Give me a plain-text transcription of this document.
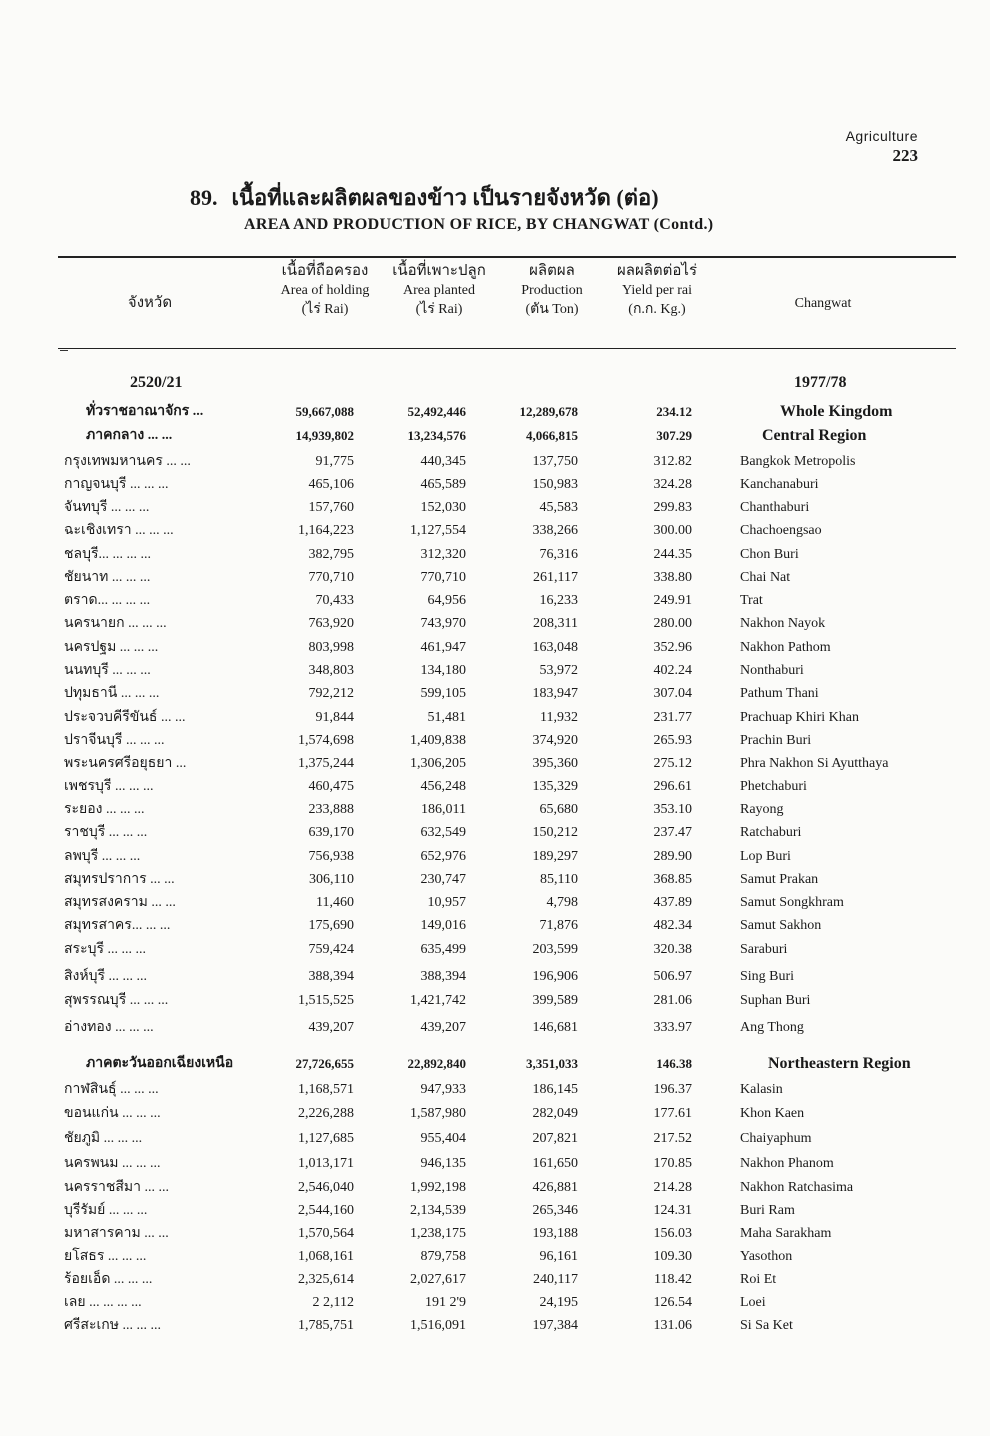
Agriculture
223
89. เนื้อที่และผลิตผลของข้าว เป็นรายจังหวัด (ต่อ)
AREA AND PRODUCTION OF RICE, BY CHANGWAT (Contd.)
จังหวัด
เนื้อที่ถือครอง
Area of holding
(ไร่ Rai)
เนื้อที่เพาะปลูก
Area planted
(ไร่ Rai)
ผลิตผล
Production
(ตัน Ton)
ผลผลิตต่อไร่
Yield per rai
(ก.ก. Kg.)	Changwat
2520/21	1977/78
ทั่วราชอาณาจักร ...	59,667,088	52,492,446	12,289,678	234.12	Whole Kingdom
ภาคกลาง ... ...	14,939,802	13,234,576	4,066,815	307.29	Central Region
กรุงเทพมหานคร ... ...	91,775	440,345	137,750	312.82	Bangkok Metropolis
กาญจนบุรี ... ... ...	465,106	465,589	150,983	324.28	Kanchanaburi
จันทบุรี ... ... ...	157,760	152,030	45,583	299.83	Chanthaburi
ฉะเชิงเทรา ... ... ...	1,164,223	1,127,554	338,266	300.00	Chachoengsao
ชลบุรี... ... ... ...	382,795	312,320	76,316	244.35	Chon Buri
ชัยนาท ... ... ...	770,710	770,710	261,117	338.80	Chai Nat
ตราด... ... ... ...	70,433	64,956	16,233	249.91	Trat
นครนายก ... ... ...	763,920	743,970	208,311	280.00	Nakhon Nayok
นครปฐม ... ... ...	803,998	461,947	163,048	352.96	Nakhon Pathom
นนทบุรี ... ... ...	348,803	134,180	53,972	402.24	Nonthaburi
ปทุมธานี ... ... ...	792,212	599,105	183,947	307.04	Pathum Thani
ประจวบคีรีขันธ์ ... ...	91,844	51,481	11,932	231.77	Prachuap Khiri Khan
ปราจีนบุรี ... ... ...	1,574,698	1,409,838	374,920	265.93	Prachin Buri
พระนครศรีอยุธยา ...	1,375,244	1,306,205	395,360	275.12	Phra Nakhon Si Ayutthaya
เพชรบุรี ... ... ...	460,475	456,248	135,329	296.61	Phetchaburi
ระยอง ... ... ...	233,888	186,011	65,680	353.10	Rayong
ราชบุรี ... ... ...	639,170	632,549	150,212	237.47	Ratchaburi
ลพบุรี ... ... ...	756,938	652,976	189,297	289.90	Lop Buri
สมุทรปราการ ... ...	306,110	230,747	85,110	368.85	Samut Prakan
สมุทรสงคราม ... ...	11,460	10,957	4,798	437.89	Samut Songkhram
สมุทรสาคร... ... ...	175,690	149,016	71,876	482.34	Samut Sakhon
สระบุรี ... ... ...	759,424	635,499	203,599	320.38	Saraburi
สิงห์บุรี ... ... ...	388,394	388,394	196,906	506.97	Sing Buri
สุพรรณบุรี ... ... ...	1,515,525	1,421,742	399,589	281.06	Suphan Buri
อ่างทอง ... ... ...	439,207	439,207	146,681	333.97	Ang Thong
ภาคตะวันออกเฉียงเหนือ	27,726,655	22,892,840	3,351,033	146.38	Northeastern Region
กาฬสินธุ์ ... ... ...	1,168,571	947,933	186,145	196.37	Kalasin
ขอนแก่น ... ... ...	2,226,288	1,587,980	282,049	177.61	Khon Kaen
ชัยภูมิ ... ... ...	1,127,685	955,404	207,821	217.52	Chaiyaphum
นครพนม ... ... ...	1,013,171	946,135	161,650	170.85	Nakhon Phanom
นครราชสีมา ... ...	2,546,040	1,992,198	426,881	214.28	Nakhon Ratchasima
บุรีรัมย์ ... ... ...	2,544,160	2,134,539	265,346	124.31	Buri Ram
มหาสารคาม ... ...	1,570,564	1,238,175	193,188	156.03	Maha Sarakham
ยโสธร ... ... ...	1,068,161	879,758	96,161	109.30	Yasothon
ร้อยเอ็ด ... ... ...	2,325,614	2,027,617	240,117	118.42	Roi Et
เลย ... ... ... ...	2 2,112	191 2'9	24,195	126.54	Loei
ศรีสะเกษ ... ... ...	1,785,751	1,516,091	197,384	131.06	Si Sa Ket
